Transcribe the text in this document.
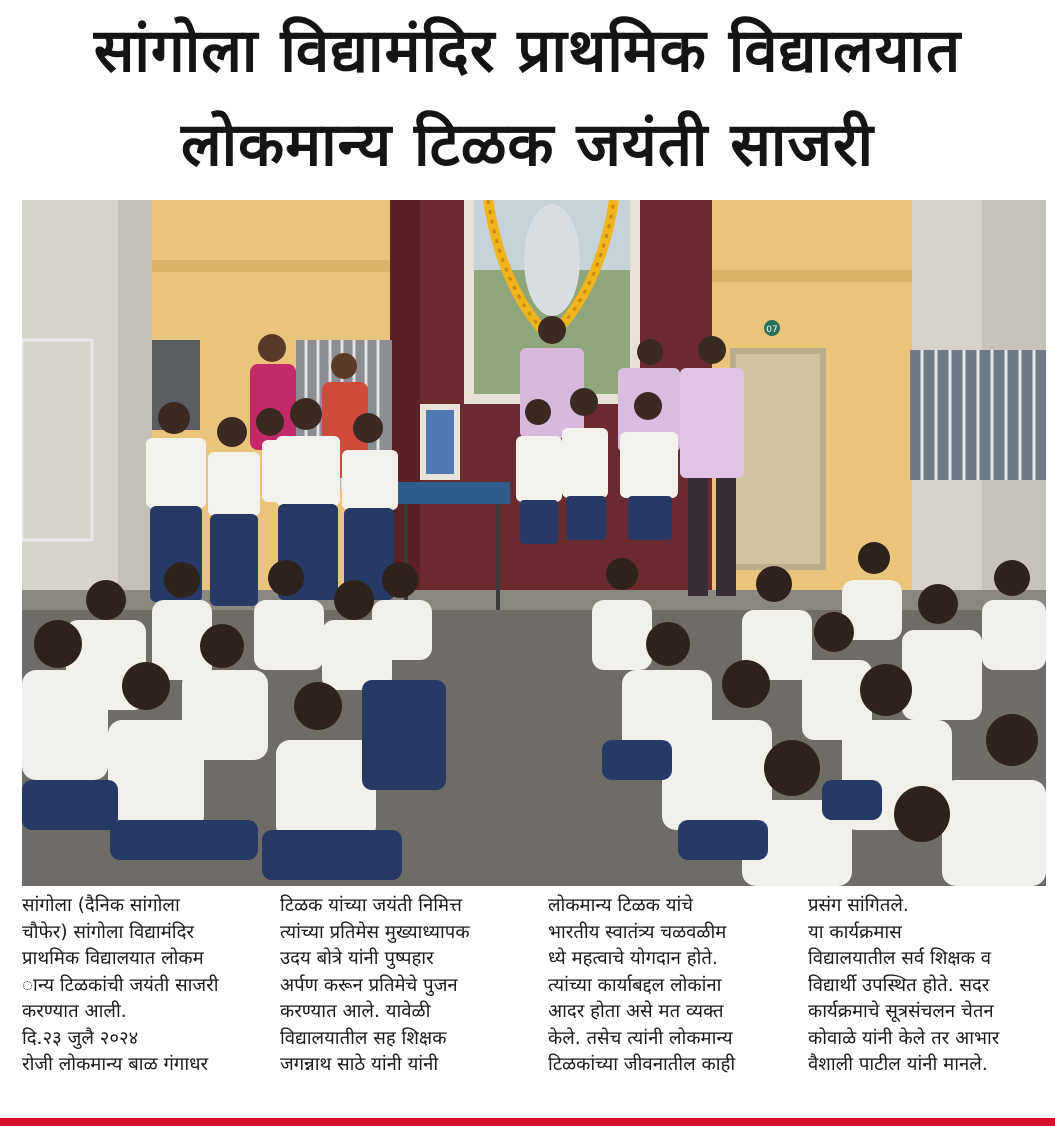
सांगोला विद्यामंदिर प्राथमिक विद्यालयात
लोकमान्य टिळक जयंती साजरी
07
सांगोला (दैनिक सांगोला
चौफेर) सांगोला विद्यामंदिर
प्राथमिक विद्यालयात लोकम
ान्य टिळकांची जयंती साजरी
करण्यात आली.
दि.२३ जुलै २०२४
रोजी लोकमान्य बाळ गंगाधर
टिळक यांच्या जयंती निमित्त
त्यांच्या प्रतिमेस मुख्याध्यापक
उदय बोत्रे यांनी पुष्पहार
अर्पण करून प्रतिमेचे पुजन
करण्यात आले. यावेळी
विद्यालयातील सह शिक्षक
जगन्नाथ साठे यांनी यांनी
लोकमान्य टिळक यांचे
भारतीय स्वातंत्र्य चळवळीम
ध्ये महत्वाचे योगदान होते.
त्यांच्या कार्याबद्दल लोकांना
आदर होता असे मत व्यक्त
केले. तसेच त्यांनी लोकमान्य
टिळकांच्या जीवनातील काही
प्रसंग सांगितले.
या कार्यक्रमास
विद्यालयातील सर्व शिक्षक व
विद्यार्थी उपस्थित होते. सदर
कार्यक्रमाचे सूत्रसंचलन चेतन
कोवाळे यांनी केले तर आभार
वैशाली पाटील यांनी मानले.
